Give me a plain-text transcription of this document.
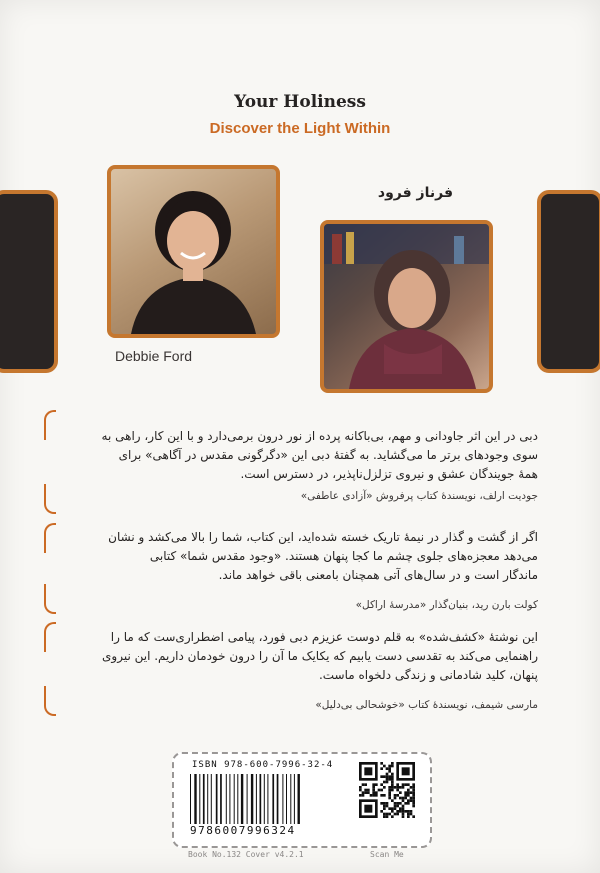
Your Holiness
Discover the Light Within
Debbie Ford
فرناز فرود

دبی در این اثر جاودانی و مهم، بی‌باکانه پرده از نور درون برمی‌دارد و با این کار، راهی به

سوی وجودهای برتر ما می‌گشاید. به گفتهٔ دبی این «دگرگونی مقدس در آگاهی» برای

همهٔ جویندگان عشق و نیروی تزلزل‌ناپذیر، در دسترس است.

جودیت ارلف، نویسندهٔ کتاب پرفروش «آزادی عاطفی»

اگر از گشت و گذار در نیمهٔ تاریک خسته شده‌اید، این کتاب، شما را بالا می‌کشد و نشان

می‌دهد معجزه‌های جلوی چشم ما کجا پنهان هستند. «وجود مقدس شما» کتابی

ماندگار است و در سال‌های آتی همچنان بامعنی باقی خواهد ماند.

کولت بارن رید، بنیان‌گذار «مدرسهٔ اراکل»

این نوشتهٔ «کشف‌شده» به قلم دوست عزیزم دبی فورد، پیامی اضطراری‌ست که ما را

راهنمایی می‌کند به تقدسی دست یابیم که یکایک ما آن را درون خودمان داریم. این نیروی

پنهان، کلید شادمانی و زندگی دلخواه ماست.

مارسی شیمف، نویسندهٔ کتاب «خوشحالی بی‌دلیل»
ISBN 978-600-7996-32-4
9786007996324
Book No.132 Cover v4.2.1	Scan Me
